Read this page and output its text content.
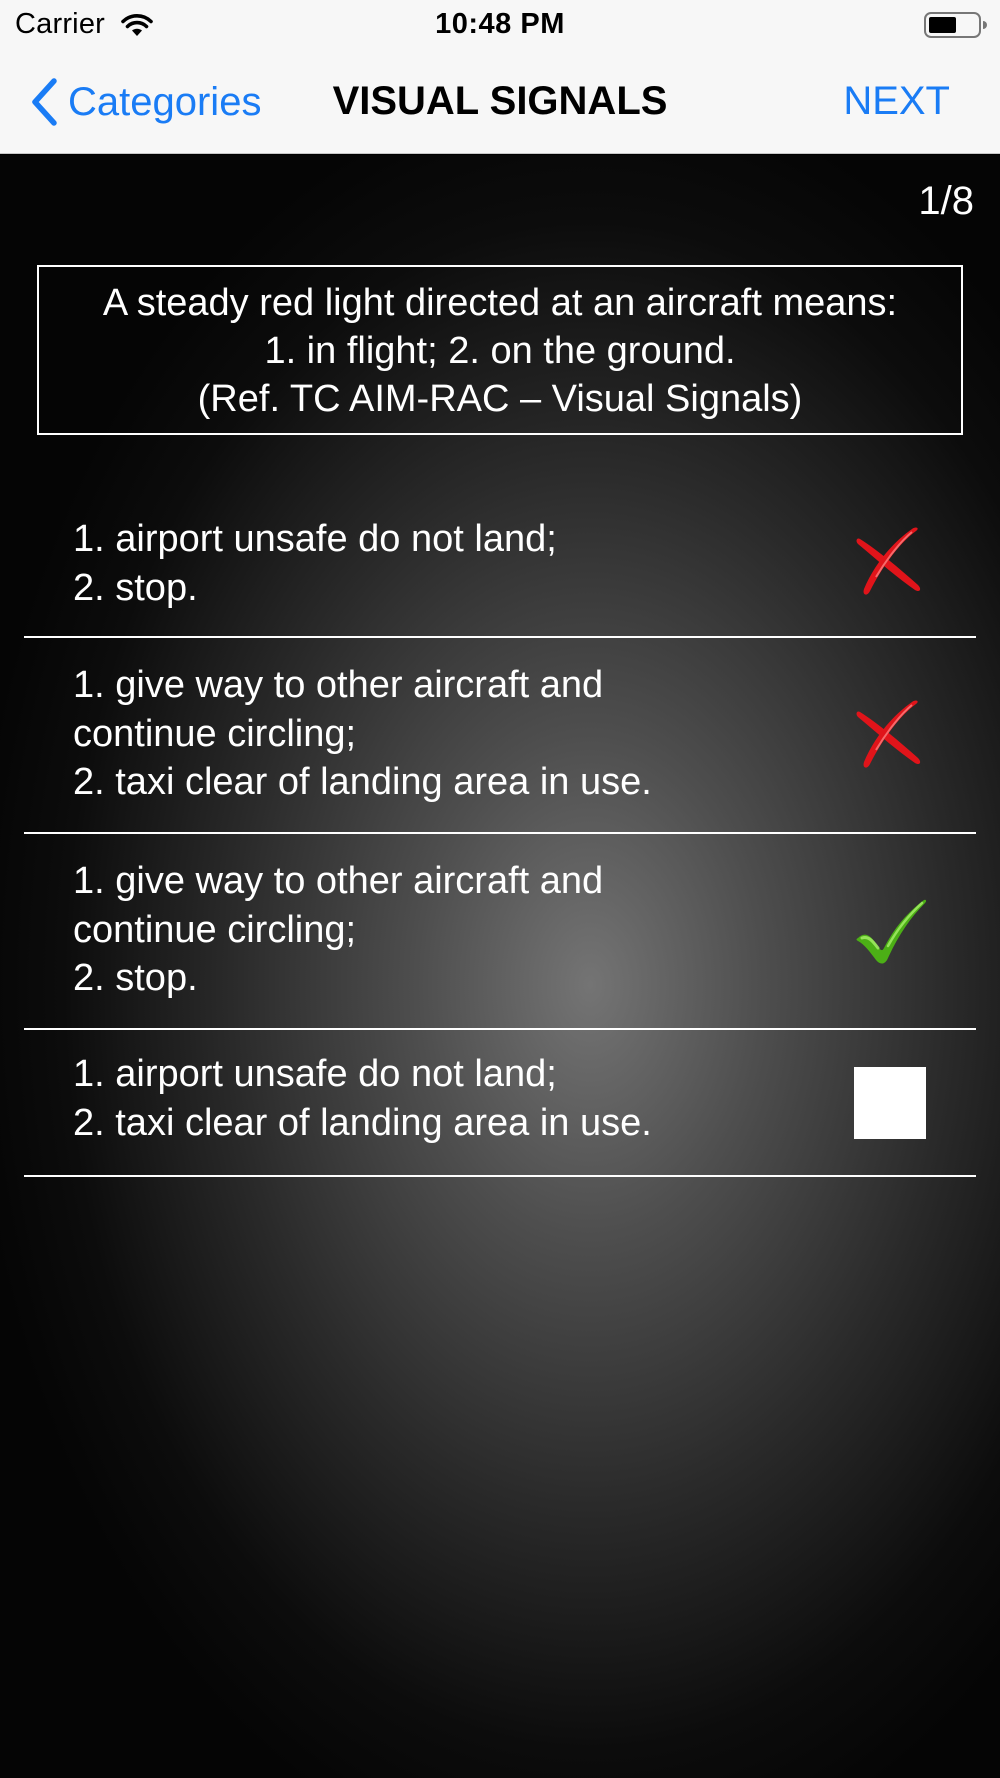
Carrier	10:48 PM
Categories	VISUAL SIGNALS	NEXT
1/8
A steady red light directed at an aircraft means:
1. in flight; 2. on the ground.
(Ref. TC AIM-RAC – Visual Signals)
1. airport unsafe do not land;
2. stop.
1. give way to other aircraft and
continue circling;
2. taxi clear of landing area in use.
1. give way to other aircraft and
continue circling;
2. stop.
1. airport unsafe do not land;
2. taxi clear of landing area in use.
